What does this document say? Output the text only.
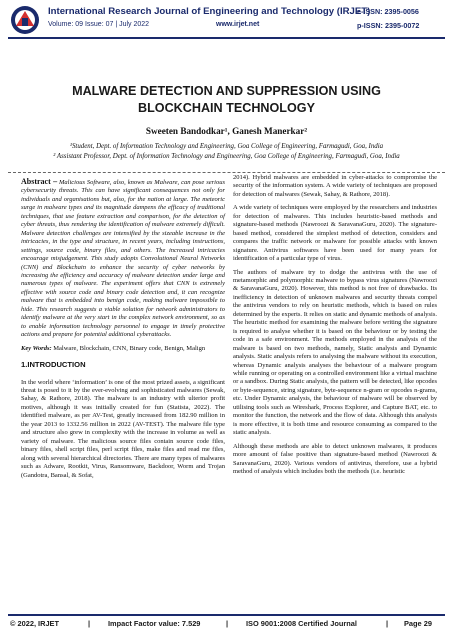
International Research Journal of Engineering and Technology (IRJET)
Volume: 09 Issue: 07 | July 2022	www.irjet.net
e-ISSN: 2395-0056
p-ISSN: 2395-0072
MALWARE DETECTION AND SUPPRESSION USING BLOCKCHAIN TECHNOLOGY
Sweeten Bandodkar¹, Ganesh Manerkar²
¹Student, Dept. of Information Technology and Engineering, Goa College of Engineering, Farmagudi, Goa, India
² Assistant Professor, Dept. of Information Technology and Engineering, Goa College of Engineering, Farmagudi, Goa, India

Abstract – Malicious Software, also, known as Malware, can pose serious cybersecurity threats. This can have significant consequences not only for individuals and organisations but, also, for the nation at large. The meteoric surge in malware types and its magnitude dampens the efficacy of traditional techniques, that use feature extraction and comparison, for the detection of cyber threats, thus rendering the identification of malware extremely difficult. Malware detection challenges are intensified by the sizeable increase in the intricacies, in the type and structure, in recent years, including instructions, settings, source code, binary files, and others. The increased intricacies encourage misjudgement. This study adopts Convolutional Neural Networks (CNN) and Blockchain to enhance the security of cyber networks by increasing the efficiency and accuracy of malware detection under large and numerous types of malware. The experiment offers that CNN is extremely effective with source code and binary code detection and, it can recognize malware that is embedded into benign code, making malware impossible to hide. This research suggests a viable solution for network administrators to identify malware at the very start in the complex network environment, so as to enable information technology personnel to engage in timely protective actions and prepare for potential additional cyberattacks.

Key Words: Malware, Blockchain, CNN, Binary code, Benign, Malign

1.INTRODUCTION

In the world where ‘information’ is one of the most prized assets, a significant threat is posed to it by the ever-evolving and sophisticated malwares (Sewak, Sahay, & Rathore, 2018). The malware is an industry with ulterior profit motives, although it was initially created for fun (Statista, 2022). The identified malware, as per AV-Test, greatly increased from 182.90 million in the year 2013 to 1332.56 million in 2022 (AV-TEST). The malware file type and structure also grew in complexity with the increase in volume as well as variety of malware. The malicious source files contain source code files, binary files, shell script files, perl script files, make files and read me files, along with several hierarchical directories. There are many types of malwares such as Adware, Rootkit, Virus, Ransomware, Backdoor, Worm and Trojan (Gandotra, Bansal, & Sofat,

2014). Hybrid malwares are embedded in cyber-attacks to compromise the security of the information system. A wide variety of techniques are proposed for detection of malwares (Sewak, Sahay, & Rathore, 2018).

A wide variety of techniques were employed by the researchers and industries for detection of malwares. This includes heuristic-based methods and signature-based methods (Nawroozi & SaravanaGuru, 2020). The signature-based method, considered the simplest method of detection, considers and compares the traffic network or malware for possible attacks with known signature. Antivirus softwares have been used for many years for identification of a particular type of virus.

The authors of malware try to dodge the antivirus with the use of metamorphic and polymorphic malware to bypass virus signatures (Nawroozi & SaravanaGuru, 2020). However, this method is not free of drawbacks. Its inefficiency in detection of unknown malwares and security threats compel the antivirus vendors to rely on heuristic methods, which is based on rules determined by the experts. It relies on static and dynamic methods of analysis. The heuristic method for examining the malware before writing the signature is required to analyse whether it is based on the behaviour or by testing the code in a safe environment. The methods employed in the analysis of the malware is based on two methods, namely, Static analysis and Dynamic analysis. Static analysis refers to analysing the malware without its execution, whereas Dynamic analysis analyses the behaviour of a malware program while running or operating on a controlled environment like a virtual machine or a sandbox. During Static analysis, the pattern will be detected, like opcodes or byte-sequence, string signature, byte-sequence n-gram or opcodes n-grams, etc. Under Dynamic analysis, the behaviour of malware will be observed by utilising tools such as Wireshark, Process Explorer, and Capture BAT, etc. to monitor the function, the network and the flow of data. Although this analysis is more effective, it is both time and resource consuming as compared to the static analysis.

Although these methods are able to detect unknown malwares, it produces more amount of false positive than signature-based method (Nawroozi & SaravanaGuru, 2020). Various vendors of antivirus, therefore, use a hybrid method of analysis which includes both the methods (i.e. heuristic

© 2022, IRJET	| Impact Factor value: 7.529	| ISO 9001:2008 Certified Journal	| Page 29
